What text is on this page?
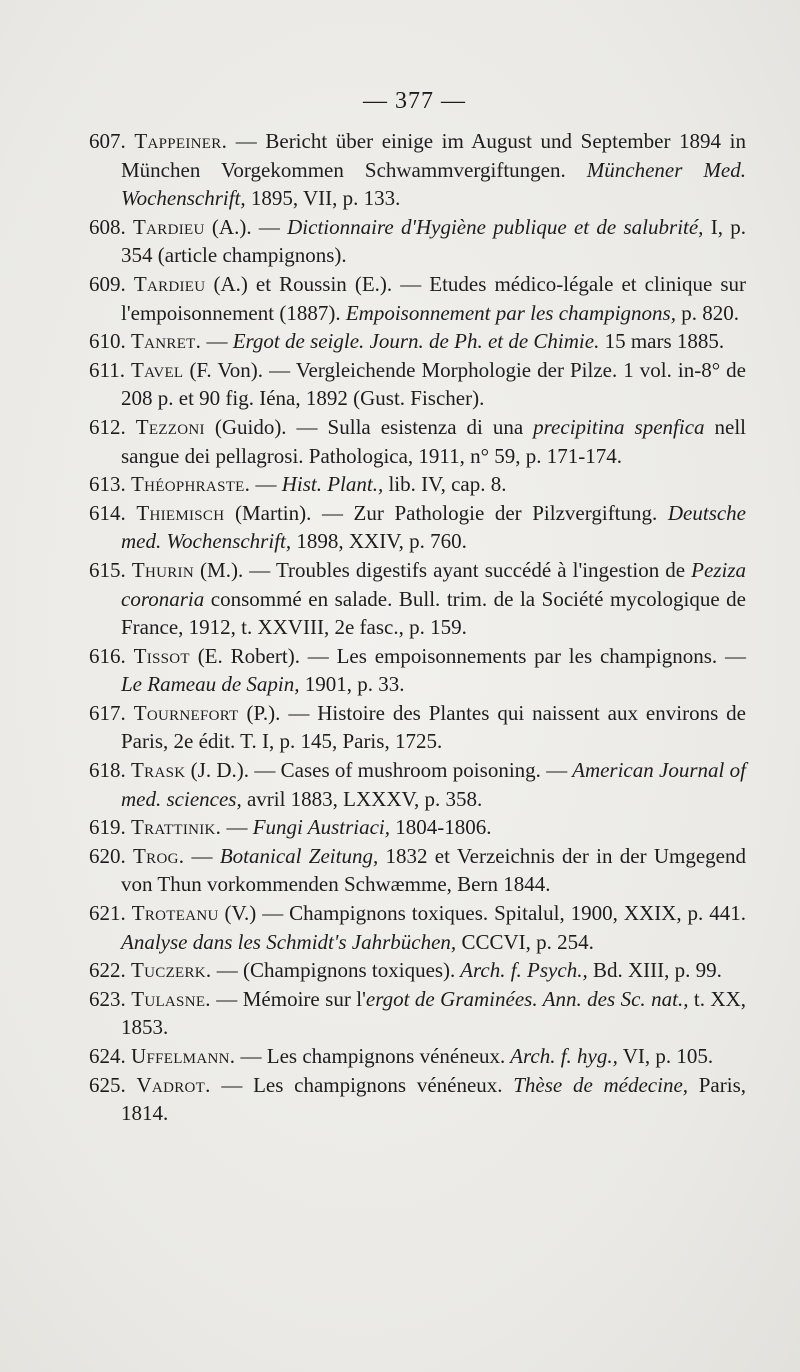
— 377 —
607. Tappeiner. — Bericht über einige im August und September 1894 in München Vorgekommen Schwammvergiftungen. Münchener Med. Wochenschrift, 1895, VII, p. 133.
608. Tardieu (A.). — Dictionnaire d'Hygiène publique et de salubrité, I, p. 354 (article champignons).
609. Tardieu (A.) et Roussin (E.). — Etudes médico-légale et clinique sur l'empoisonnement (1887). Empoisonnement par les champignons, p. 820.
610. Tanret. — Ergot de seigle. Journ. de Ph. et de Chimie. 15 mars 1885.
611. Tavel (F. Von). — Vergleichende Morphologie der Pilze. 1 vol. in-8° de 208 p. et 90 fig. Iéna, 1892 (Gust. Fischer).
612. Tezzoni (Guido). — Sulla esistenza di una precipitina spenfica nell sangue dei pellagrosi. Pathologica, 1911, n° 59, p. 171-174.
613. Théophraste. — Hist. Plant., lib. IV, cap. 8.
614. Thiemisch (Martin). — Zur Pathologie der Pilzvergiftung. Deutsche med. Wochenschrift, 1898, XXIV, p. 760.
615. Thurin (M.). — Troubles digestifs ayant succédé à l'ingestion de Peziza coronaria consommé en salade. Bull. trim. de la Société mycologique de France, 1912, t. XXVIII, 2e fasc., p. 159.
616. Tissot (E. Robert). — Les empoisonnements par les champignons. — Le Rameau de Sapin, 1901, p. 33.
617. Tournefort (P.). — Histoire des Plantes qui naissent aux environs de Paris, 2e édit. T. I, p. 145, Paris, 1725.
618. Trask (J. D.). — Cases of mushroom poisoning. — American Journal of med. sciences, avril 1883, LXXXV, p. 358.
619. Trattinik. — Fungi Austriaci, 1804-1806.
620. Trog. — Botanical Zeitung, 1832 et Verzeichnis der in der Umgegend von Thun vorkommenden Schwæmme, Bern 1844.
621. Troteanu (V.) — Champignons toxiques. Spitalul, 1900, XXIX, p. 441. Analyse dans les Schmidt's Jahrbüchen, CCCVI, p. 254.
622. Tuczerk. — (Champignons toxiques). Arch. f. Psych., Bd. XIII, p. 99.
623. Tulasne. — Mémoire sur l'ergot de Graminées. Ann. des Sc. nat., t. XX, 1853.
624. Uffelmann. — Les champignons vénéneux. Arch. f. hyg., VI, p. 105.
625. Vadrot. — Les champignons vénéneux. Thèse de médecine, Paris, 1814.
